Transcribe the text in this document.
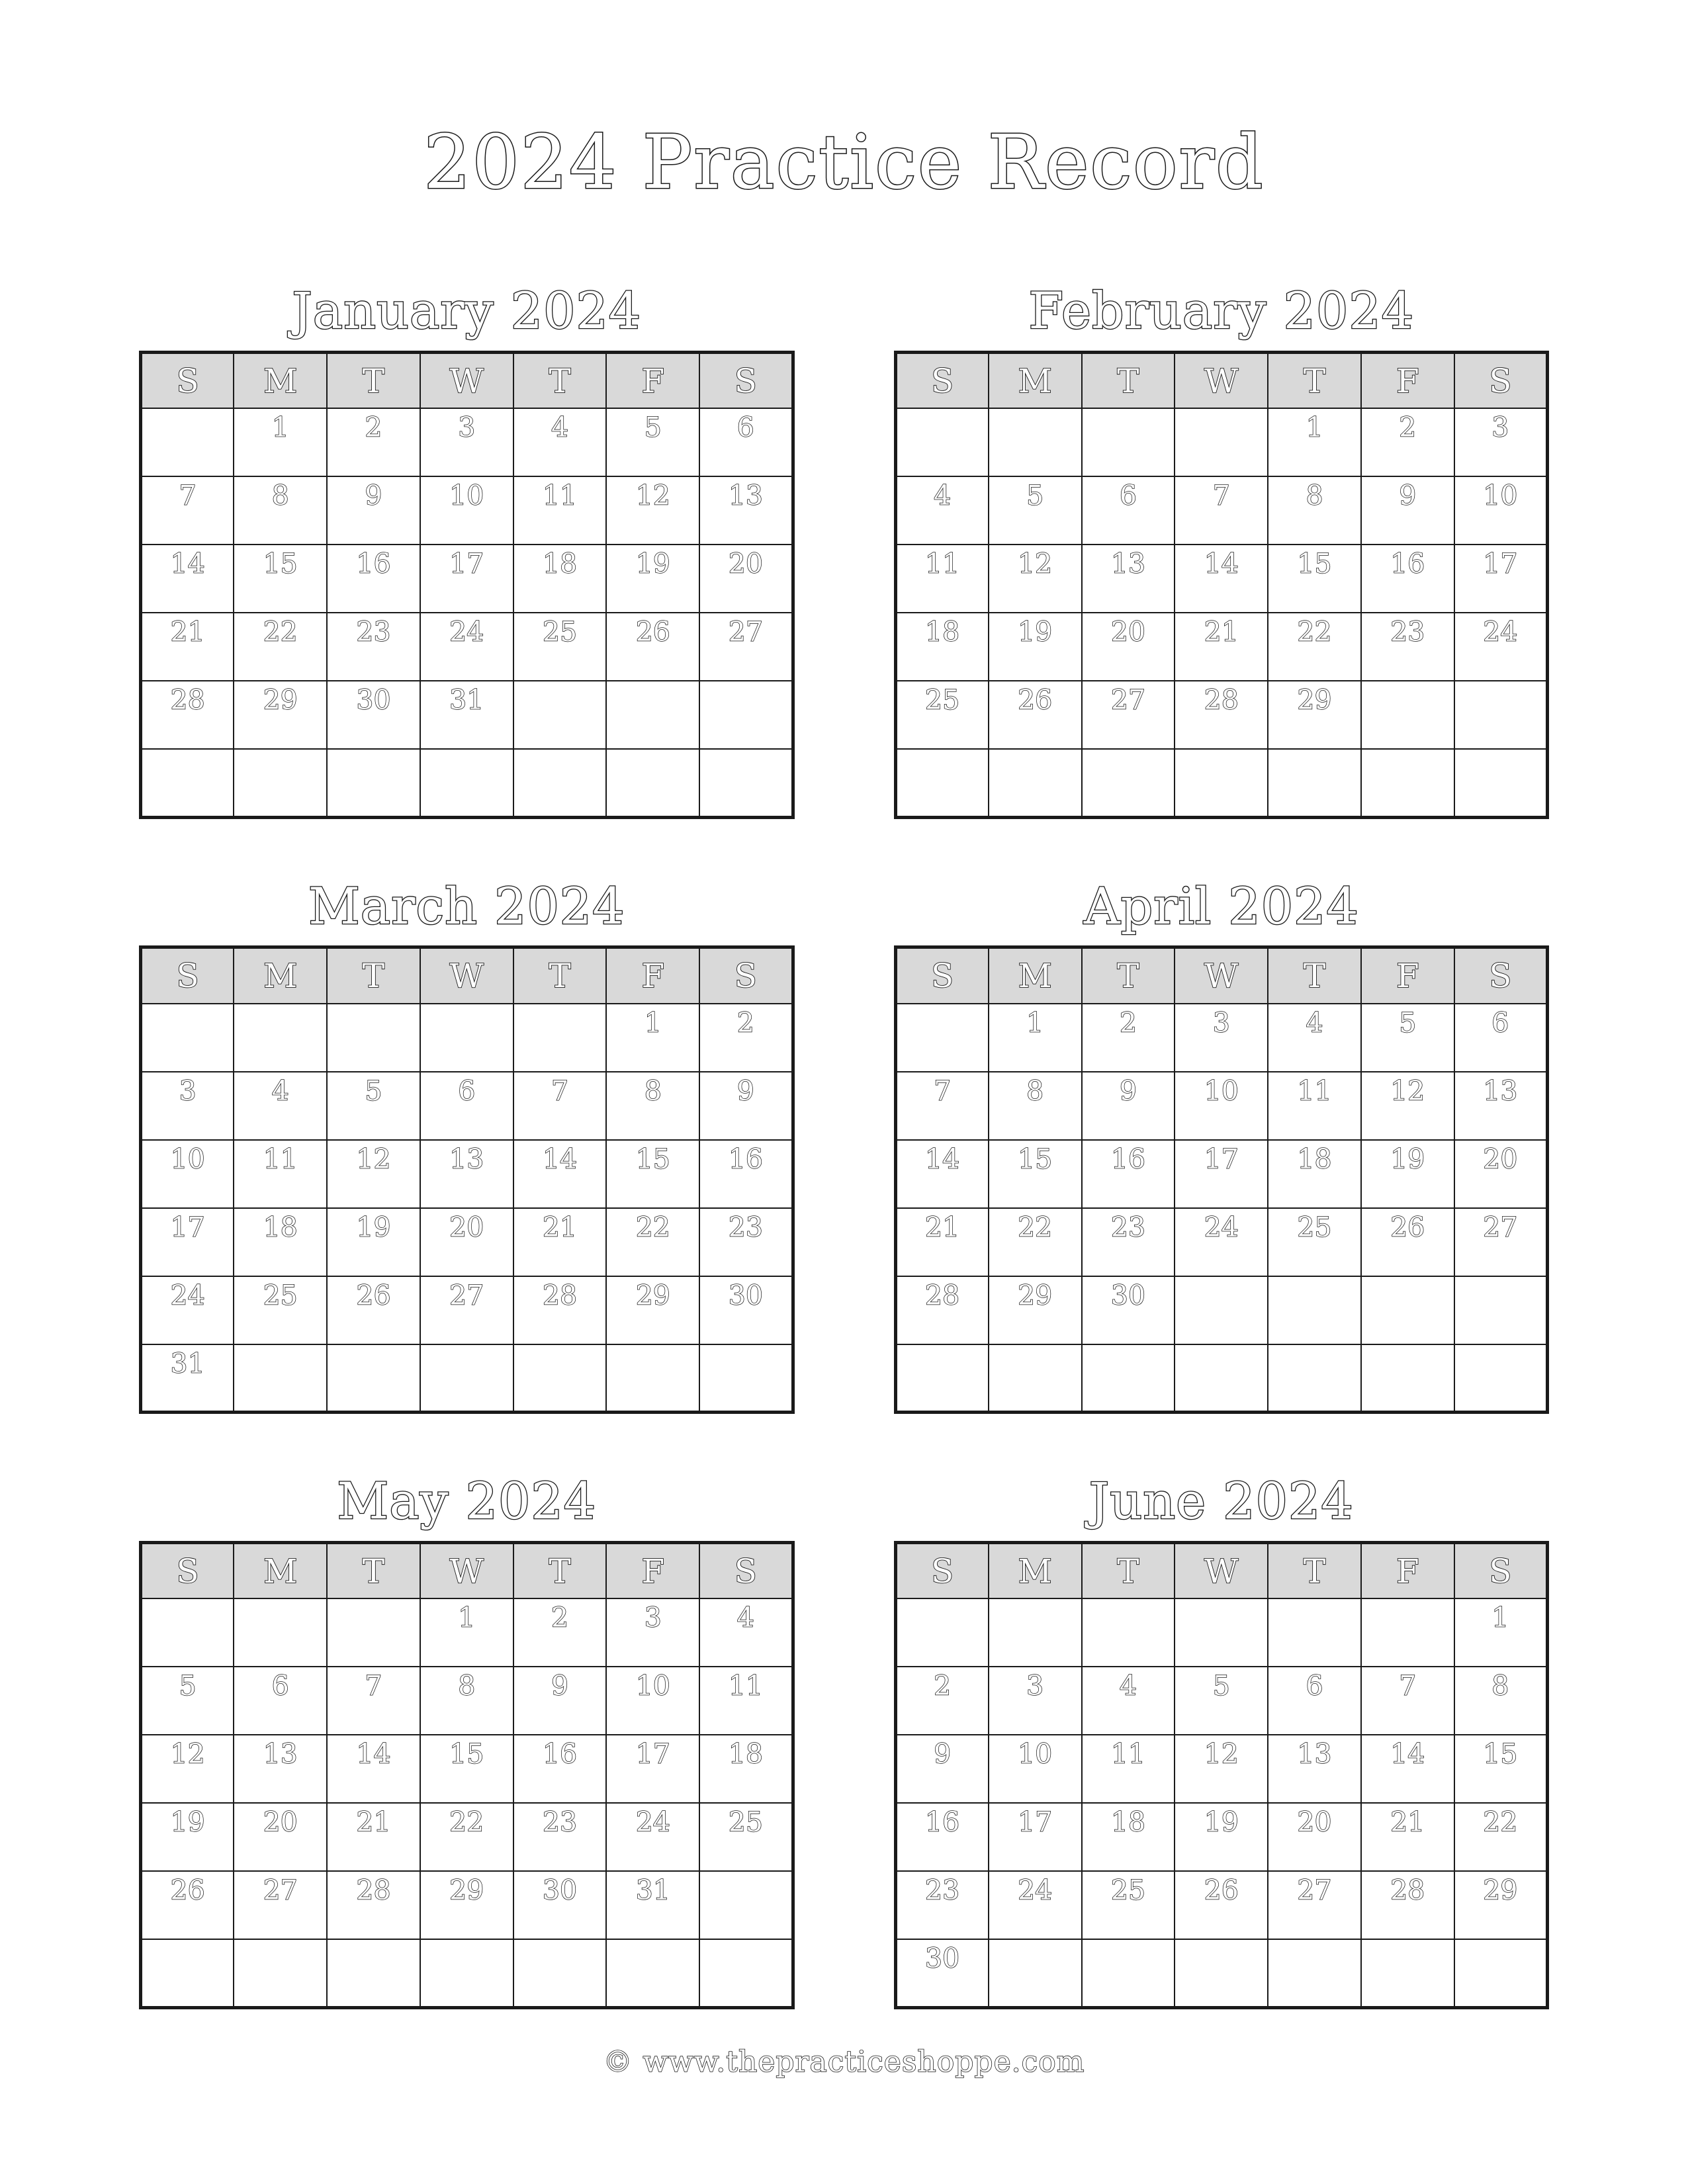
2024 Practice Record
January 2024
S	M	T	W	T	F	S
	1	2	3	4	5	6
7	8	9	10	11	12	13
14	15	16	17	18	19	20
21	22	23	24	25	26	27
28	29	30	31			

February 2024
S	M	T	W	T	F	S
				1	2	3
4	5	6	7	8	9	10
11	12	13	14	15	16	17
18	19	20	21	22	23	24
25	26	27	28	29		

March 2024
S	M	T	W	T	F	S
					1	2
3	4	5	6	7	8	9
10	11	12	13	14	15	16
17	18	19	20	21	22	23
24	25	26	27	28	29	30
31						
April 2024
S	M	T	W	T	F	S
	1	2	3	4	5	6
7	8	9	10	11	12	13
14	15	16	17	18	19	20
21	22	23	24	25	26	27
28	29	30				

May 2024
S	M	T	W	T	F	S
			1	2	3	4
5	6	7	8	9	10	11
12	13	14	15	16	17	18
19	20	21	22	23	24	25
26	27	28	29	30	31	

June 2024
S	M	T	W	T	F	S
						1
2	3	4	5	6	7	8
9	10	11	12	13	14	15
16	17	18	19	20	21	22
23	24	25	26	27	28	29
30						
© www.thepracticeshoppe.com
